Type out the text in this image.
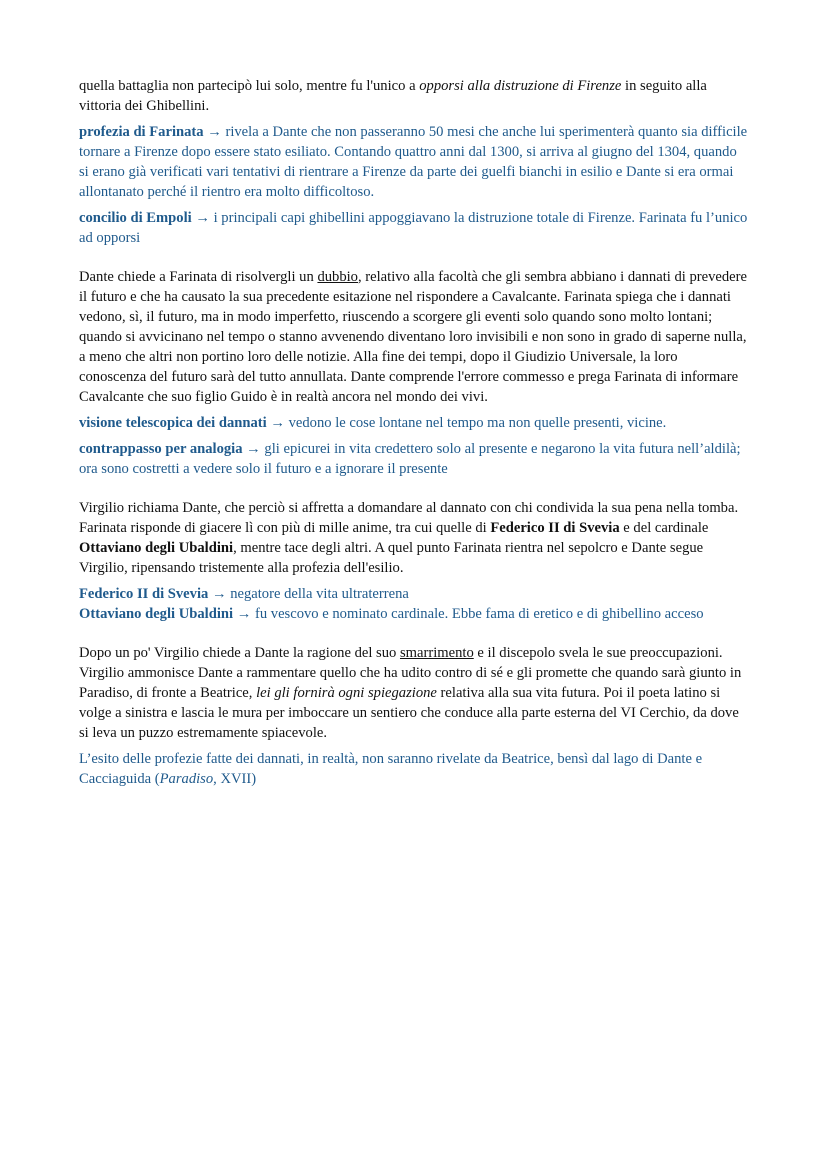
quella battaglia non partecipò lui solo, mentre fu l'unico a opporsi alla distruzione di Firenze in seguito alla vittoria dei Ghibellini.

profezia di Farinata → rivela a Dante che non passeranno 50 mesi che anche lui sperimenterà quanto sia difficile tornare a Firenze dopo essere stato esiliato. Contando quattro anni dal 1300, si arriva al giugno del 1304, quando si erano già verificati vari tentativi di rientrare a Firenze da parte dei guelfi bianchi in esilio e Dante si era ormai allontanato perché il rientro era molto difficoltoso.

concilio di Empoli → i principali capi ghibellini appoggiavano la distruzione totale di Firenze. Farinata fu l’unico ad opporsi

Dante chiede a Farinata di risolvergli un dubbio, relativo alla facoltà che gli sembra abbiano i dannati di prevedere il futuro e che ha causato la sua precedente esitazione nel rispondere a Cavalcante. Farinata spiega che i dannati vedono, sì, il futuro, ma in modo imperfetto, riuscendo a scorgere gli eventi solo quando sono molto lontani; quando si avvicinano nel tempo o stanno avvenendo diventano loro invisibili e non sono in grado di saperne nulla, a meno che altri non portino loro delle notizie. Alla fine dei tempi, dopo il Giudizio Universale, la loro conoscenza del futuro sarà del tutto annullata. Dante comprende l'errore commesso e prega Farinata di informare Cavalcante che suo figlio Guido è in realtà ancora nel mondo dei vivi.

visione telescopica dei dannati → vedono le cose lontane nel tempo ma non quelle presenti, vicine.

contrappasso per analogia → gli epicurei in vita credettero solo al presente e negarono la vita futura nell’aldilà; ora sono costretti a vedere solo il futuro e a ignorare il presente

Virgilio richiama Dante, che perciò si affretta a domandare al dannato con chi condivida la sua pena nella tomba. Farinata risponde di giacere lì con più di mille anime, tra cui quelle di Federico II di Svevia e del cardinale Ottaviano degli Ubaldini, mentre tace degli altri. A quel punto Farinata rientra nel sepolcro e Dante segue Virgilio, ripensando tristemente alla profezia dell'esilio.

Federico II di Svevia → negatore della vita ultraterrena

Ottaviano degli Ubaldini → fu vescovo e nominato cardinale. Ebbe fama di eretico e di ghibellino acceso

Dopo un po' Virgilio chiede a Dante la ragione del suo smarrimento e il discepolo svela le sue preoccupazioni. Virgilio ammonisce Dante a rammentare quello che ha udito contro di sé e gli promette che quando sarà giunto in Paradiso, di fronte a Beatrice, lei gli fornirà ogni spiegazione relativa alla sua vita futura. Poi il poeta latino si volge a sinistra e lascia le mura per imboccare un sentiero che conduce alla parte esterna del VI Cerchio, da dove si leva un puzzo estremamente spiacevole.

L’esito delle profezie fatte dei dannati, in realtà, non saranno rivelate da Beatrice, bensì dal lago di Dante e Cacciaguida (Paradiso, XVII)
